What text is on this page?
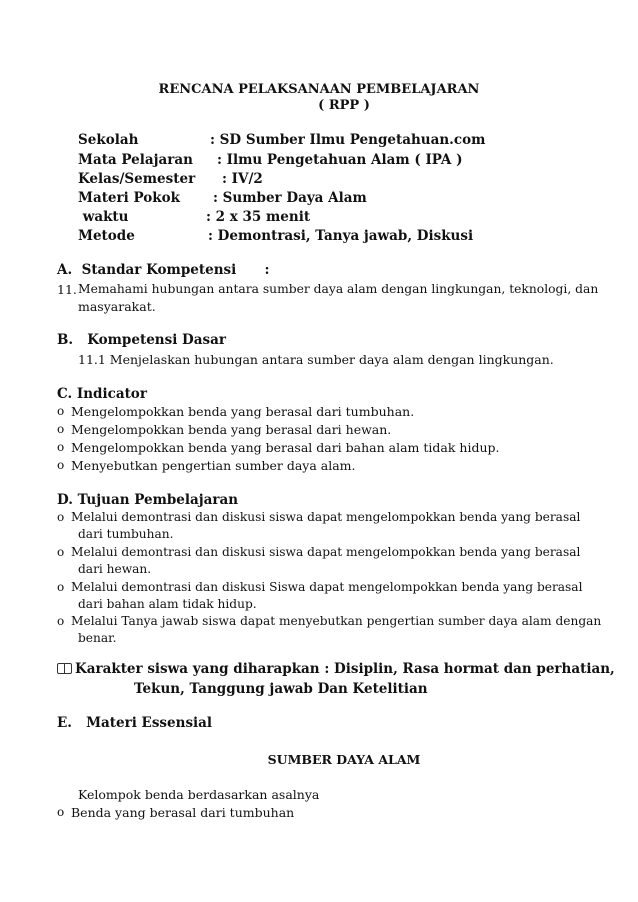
RENCANA PELAKSANAAN PEMBELAJARAN
( RPP )
Sekolah	: SD Sumber Ilmu Pengetahuan.com
Mata Pelajaran : Ilmu Pengetahuan Alam ( IPA )
Kelas/Semester : IV/2
Materi Pokok : Sumber Daya Alam
waktu	: 2 x 35 menit
Metode	: Demontrasi, Tanya jawab, Diskusi
A.  Standar Kompetensi      :
11. Memahami hubungan antara sumber daya alam dengan lingkungan, teknologi, dan
masyarakat.
B.   Kompetensi Dasar
11.1 Menjelaskan hubungan antara sumber daya alam dengan lingkungan.
C. Indicator
o Mengelompokkan benda yang berasal dari tumbuhan.
o Mengelompokkan benda yang berasal dari hewan.
o Mengelompokkan benda yang berasal dari bahan alam tidak hidup.
o Menyebutkan pengertian sumber daya alam.
D. Tujuan Pembelajaran
o Melalui demontrasi dan diskusi siswa dapat mengelompokkan benda yang berasal
dari tumbuhan.
o Melalui demontrasi dan diskusi siswa dapat mengelompokkan benda yang berasal
dari hewan.
o Melalui demontrasi dan diskusi Siswa dapat mengelompokkan benda yang berasal
dari bahan alam tidak hidup.
o Melalui Tanya jawab siswa dapat menyebutkan pengertian sumber daya alam dengan
benar.
Karakter siswa yang diharapkan : Disiplin, Rasa hormat dan perhatian,
Tekun, Tanggung jawab Dan Ketelitian
E.   Materi Essensial
SUMBER DAYA ALAM
Kelompok benda berdasarkan asalnya
o Benda yang berasal dari tumbuhan
